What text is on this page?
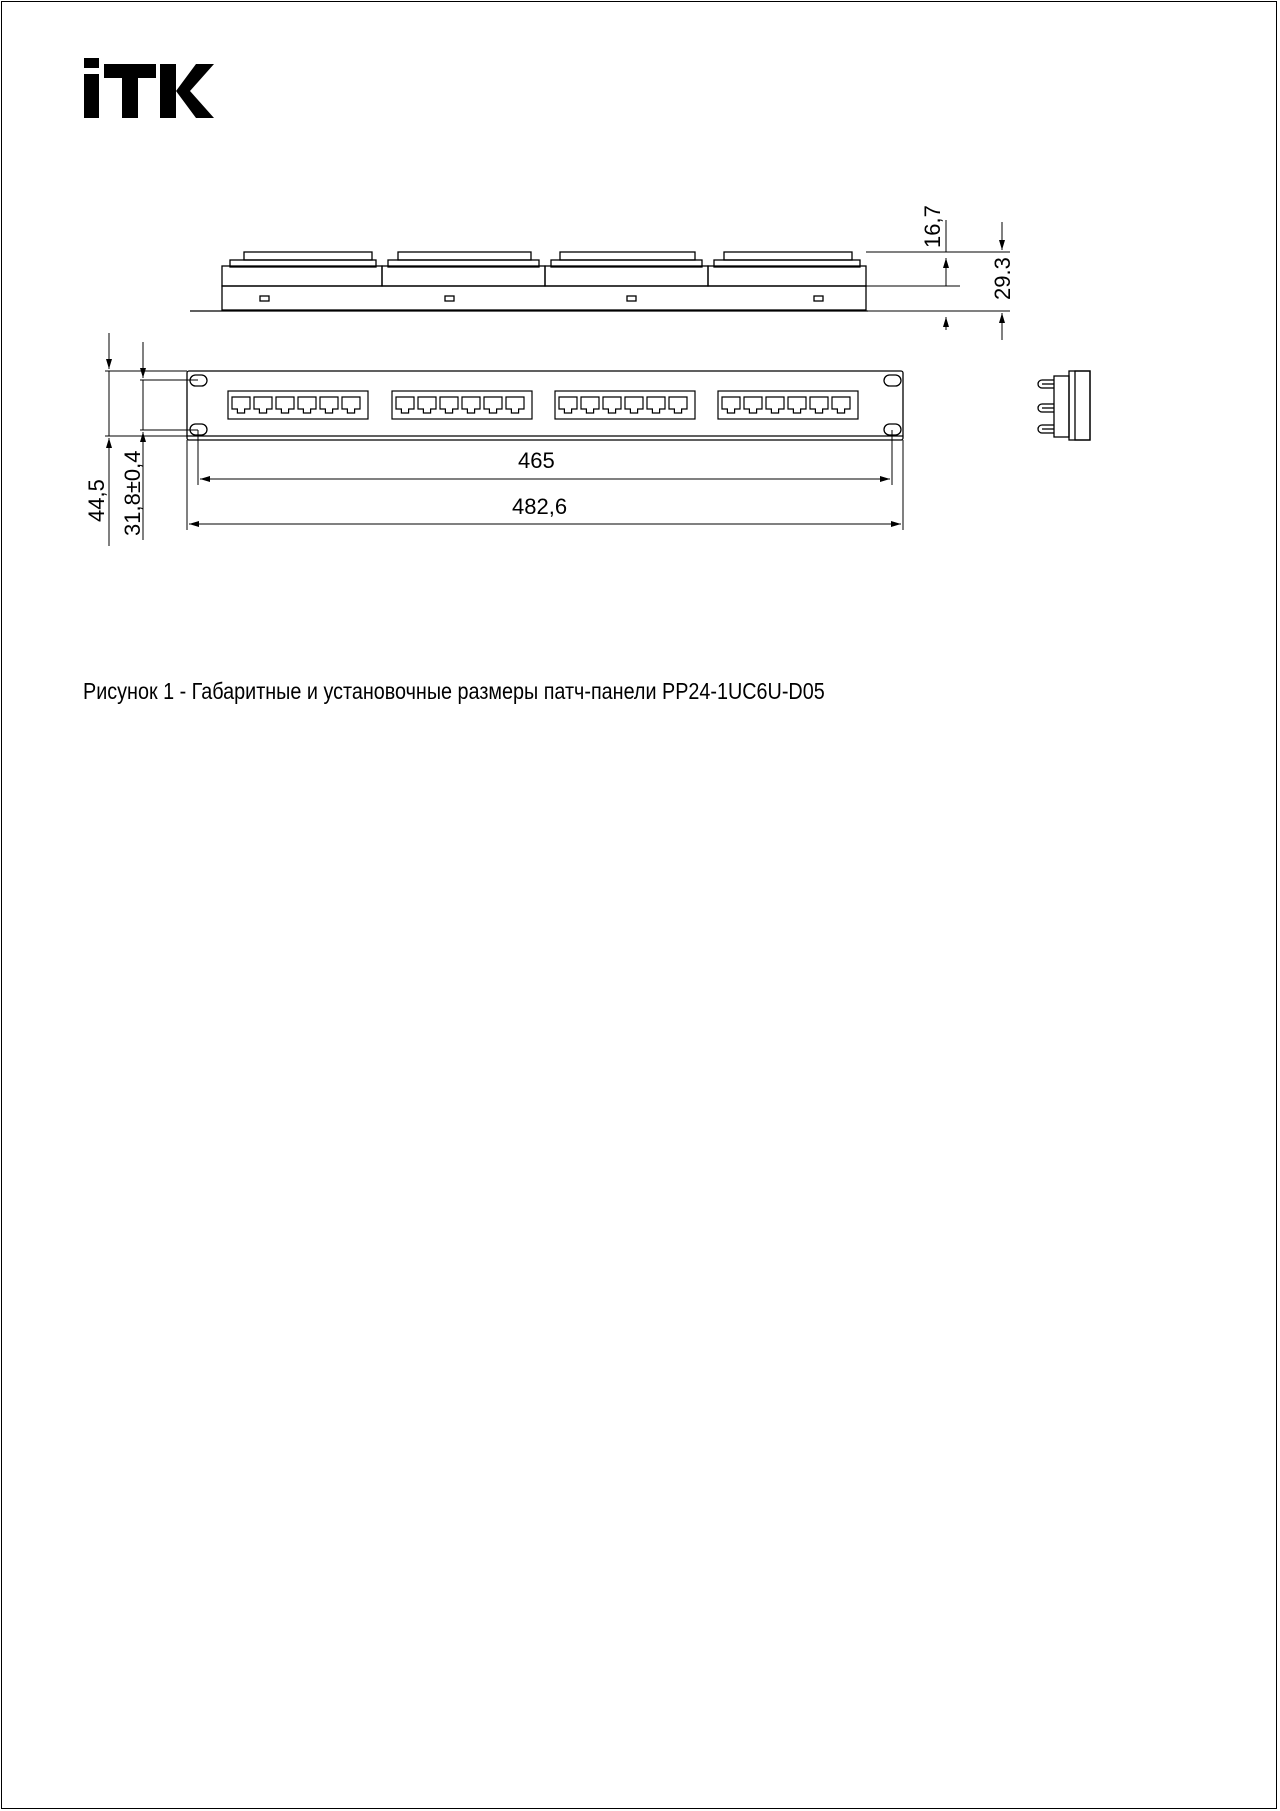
16,7
29.3
465
482,6
44,5 31,8±0,4
Рисунок 1 - Габаритные и установочные размеры патч-панели PP24-1UC6U-D05
